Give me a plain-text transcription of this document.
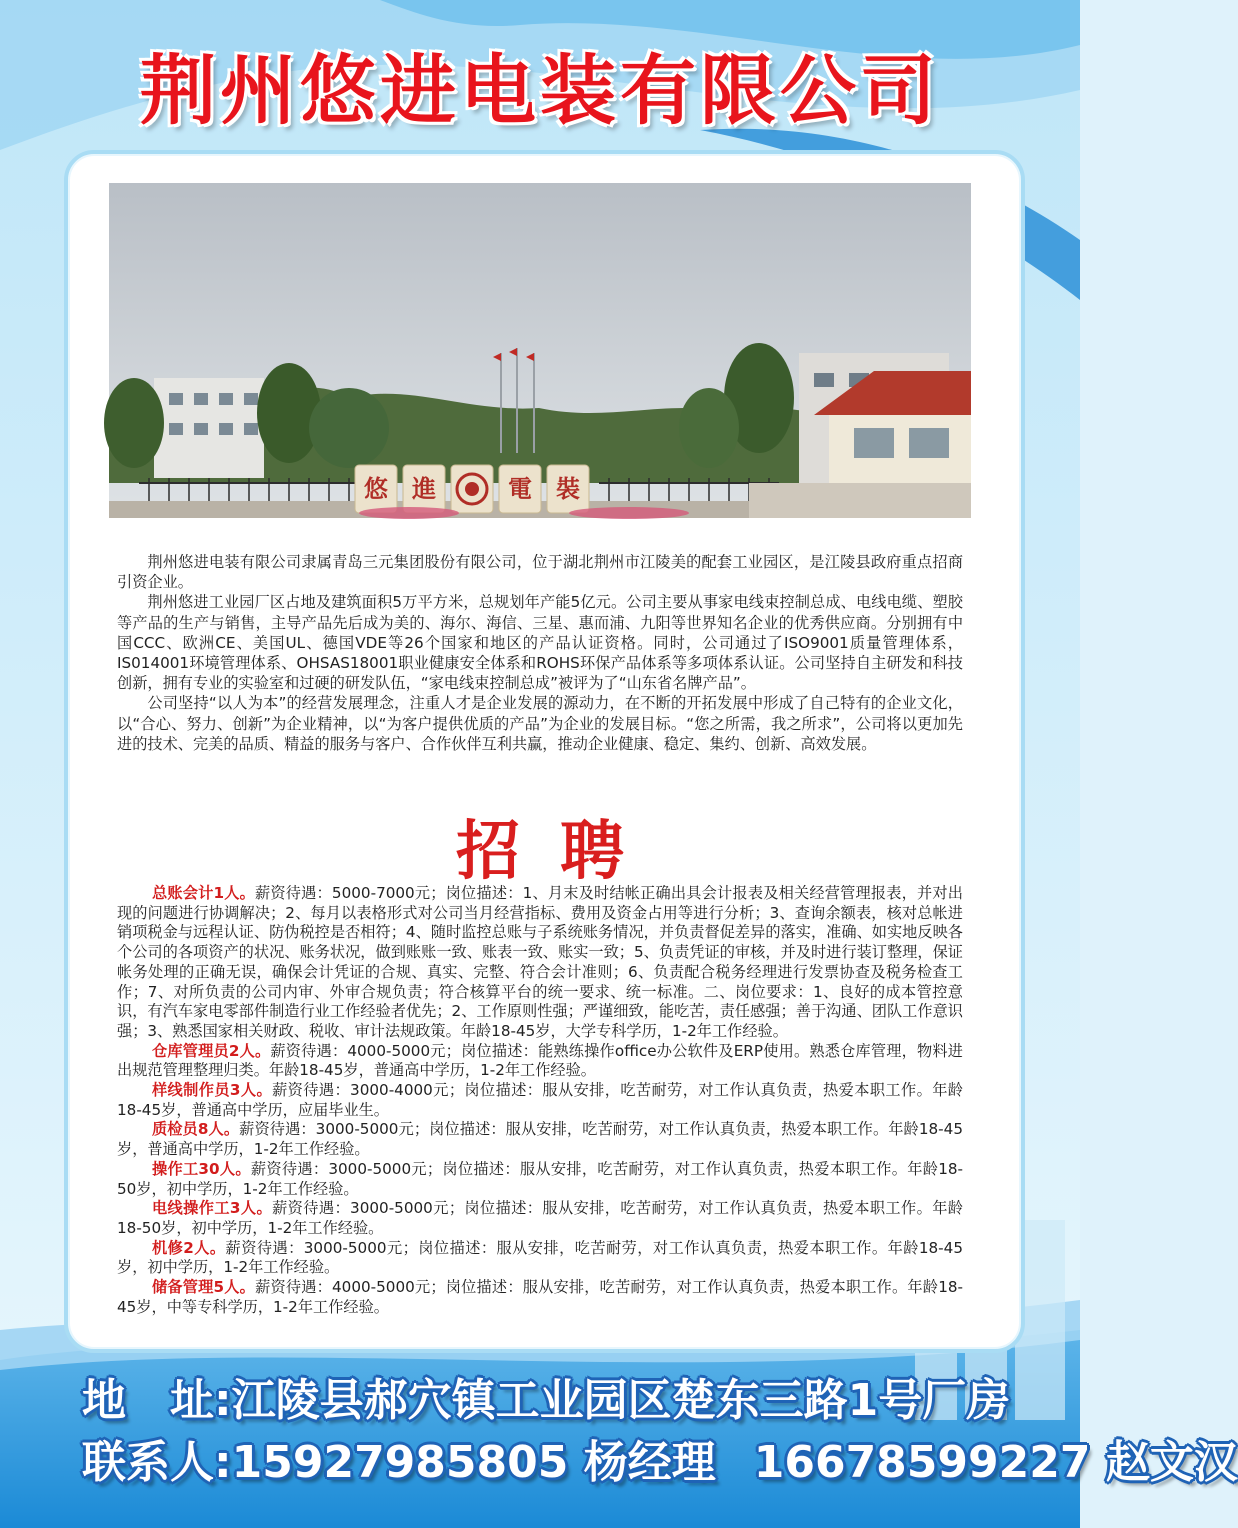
荆州悠进电装有限公司
悠 進	電 裝

荆州悠进电装有限公司隶属青岛三元集团股份有限公司，位于湖北荆州市江陵美的配套工业园区，是江陵县政府重点招商引资企业。

荆州悠进工业园厂区占地及建筑面积5万平方米，总规划年产能5亿元。公司主要从事家电线束控制总成、电线电缆、塑胶等产品的生产与销售，主导产品先后成为美的、海尔、海信、三星、惠而浦、九阳等世界知名企业的优秀供应商。分别拥有中国CCC、欧洲CE、美国UL、德国VDE等26个国家和地区的产品认证资格。同时，公司通过了ISO9001质量管理体系，IS014001环境管理体系、OHSAS18001职业健康安全体系和ROHS环保产品体系等多项体系认证。公司坚持自主研发和科技创新，拥有专业的实验室和过硬的研发队伍，“家电线束控制总成”被评为了“山东省名牌产品”。

公司坚持“以人为本”的经营发展理念，注重人才是企业发展的源动力，在不断的开拓发展中形成了自己特有的企业文化，以“合心、努力、创新”为企业精神，以“为客户提供优质的产品”为企业的发展目标。“您之所需，我之所求”，公司将以更加先进的技术、完美的品质、精益的服务与客户、合作伙伴互利共赢，推动企业健康、稳定、集约、创新、高效发展。

招聘

总账会计1人。薪资待遇：5000-7000元；岗位描述：1、月末及时结帐正确出具会计报表及相关经营管理报表，并对出现的问题进行协调解决；2、每月以表格形式对公司当月经营指标、费用及资金占用等进行分析；3、查询余额表，核对总帐进销项税金与远程认证、防伪税控是否相符；4、随时监控总账与子系统账务情况，并负责督促差异的落实，准确、如实地反映各个公司的各项资产的状况、账务状况，做到账账一致、账表一致、账实一致；5、负责凭证的审核，并及时进行装订整理，保证帐务处理的正确无误，确保会计凭证的合规、真实、完整、符合会计准则；6、负责配合税务经理进行发票协查及税务检查工作；7、对所负责的公司内审、外审合规负责；符合核算平台的统一要求、统一标准。二、岗位要求：1、良好的成本管控意识，有汽车家电零部件制造行业工作经验者优先；2、工作原则性强；严谨细致，能吃苦，责任感强；善于沟通、团队工作意识强；3、熟悉国家相关财政、税收、审计法规政策。年龄18-45岁，大学专科学历，1-2年工作经验。

仓库管理员2人。薪资待遇：4000-5000元；岗位描述：能熟练操作office办公软件及ERP使用。熟悉仓库管理，物料进出规范管理整理归类。年龄18-45岁，普通高中学历，1-2年工作经验。

样线制作员3人。薪资待遇：3000-4000元；岗位描述：服从安排，吃苦耐劳，对工作认真负责，热爱本职工作。年龄18-45岁，普通高中学历，应届毕业生。

质检员8人。薪资待遇：3000-5000元；岗位描述：服从安排，吃苦耐劳，对工作认真负责，热爱本职工作。年龄18-45岁，普通高中学历，1-2年工作经验。

操作工30人。薪资待遇：3000-5000元；岗位描述：服从安排，吃苦耐劳，对工作认真负责，热爱本职工作。年龄18-50岁，初中学历，1-2年工作经验。

电线操作工3人。薪资待遇：3000-5000元；岗位描述：服从安排，吃苦耐劳，对工作认真负责，热爱本职工作。年龄18-50岁，初中学历，1-2年工作经验。

机修2人。薪资待遇：3000-5000元；岗位描述：服从安排，吃苦耐劳，对工作认真负责，热爱本职工作。年龄18-45岁，初中学历，1-2年工作经验。

储备管理5人。薪资待遇：4000-5000元；岗位描述：服从安排，吃苦耐劳，对工作认真负责，热爱本职工作。年龄18-45岁，中等专科学历，1-2年工作经验。

地　址:江陵县郝穴镇工业园区楚东三路1号厂房
联系人:15927985805 杨经理 16678599227 赵文汉
